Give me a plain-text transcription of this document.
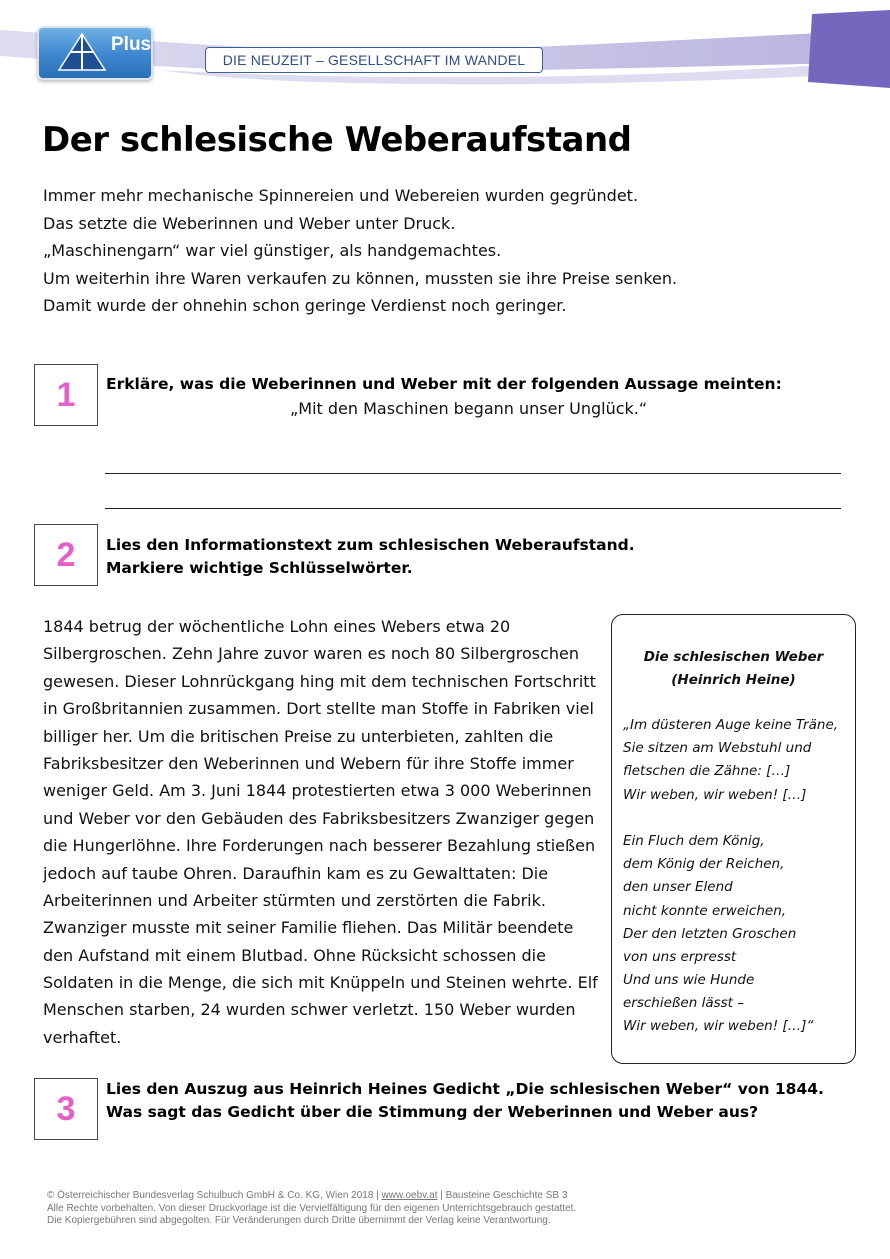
Plus
DIE NEUZEIT – GESELLSCHAFT IM WANDEL
Der schlesische Weberaufstand
Immer mehr mechanische Spinnereien und Webereien wurden gegründet.
Das setzte die Weberinnen und Weber unter Druck.
„Maschinengarn“ war viel günstiger, als handgemachtes.
Um weiterhin ihre Waren verkaufen zu können, mussten sie ihre Preise senken.
Damit wurde der ohnehin schon geringe Verdienst noch geringer.
1	Erkläre, was die Weberinnen und Weber mit der folgenden Aussage meinten:
„Mit den Maschinen begann unser Unglück.“
2	Lies den Informationstext zum schlesischen Weberaufstand.
Markiere wichtige Schlüsselwörter.
1844 betrug der wöchentliche Lohn eines Webers etwa 20
Silbergroschen. Zehn Jahre zuvor waren es noch 80 Silbergroschen
gewesen. Dieser Lohnrückgang hing mit dem technischen Fortschritt
in Großbritannien zusammen. Dort stellte man Stoffe in Fabriken viel
billiger her. Um die britischen Preise zu unterbieten, zahlten die
Fabriksbesitzer den Weberinnen und Webern für ihre Stoffe immer
weniger Geld. Am 3. Juni 1844 protestierten etwa 3 000 Weberinnen
und Weber vor den Gebäuden des Fabriksbesitzers Zwanziger gegen
die Hungerlöhne. Ihre Forderungen nach besserer Bezahlung stießen
jedoch auf taube Ohren. Daraufhin kam es zu Gewalttaten: Die
Arbeiterinnen und Arbeiter stürmten und zerstörten die Fabrik.
Zwanziger musste mit seiner Familie fliehen. Das Militär beendete
den Aufstand mit einem Blutbad. Ohne Rücksicht schossen die
Soldaten in die Menge, die sich mit Knüppeln und Steinen wehrte. Elf
Menschen starben, 24 wurden schwer verletzt. 150 Weber wurden
verhaftet.
Die schlesischen Weber
(Heinrich Heine)
„Im düsteren Auge keine Träne,
Sie sitzen am Webstuhl und
fletschen die Zähne: […]
Wir weben, wir weben! […]
Ein Fluch dem König,
dem König der Reichen,
den unser Elend
nicht konnte erweichen,
Der den letzten Groschen
von uns erpresst
Und uns wie Hunde
erschießen lässt –
Wir weben, wir weben! […]“
3
Lies den Auszug aus Heinrich Heines Gedicht „Die schlesischen Weber“ von 1844.
Was sagt das Gedicht über die Stimmung der Weberinnen und Weber aus?
© Österreichischer Bundesverlag Schulbuch GmbH & Co. KG, Wien 2018 | www.oebv.at | Bausteine Geschichte SB 3
Alle Rechte vorbehalten. Von dieser Druckvorlage ist die Vervielfältigung für den eigenen Unterrichtsgebrauch gestattet.
Die Kopiergebühren sind abgegolten. Für Veränderungen durch Dritte übernimmt der Verlag keine Verantwortung.
